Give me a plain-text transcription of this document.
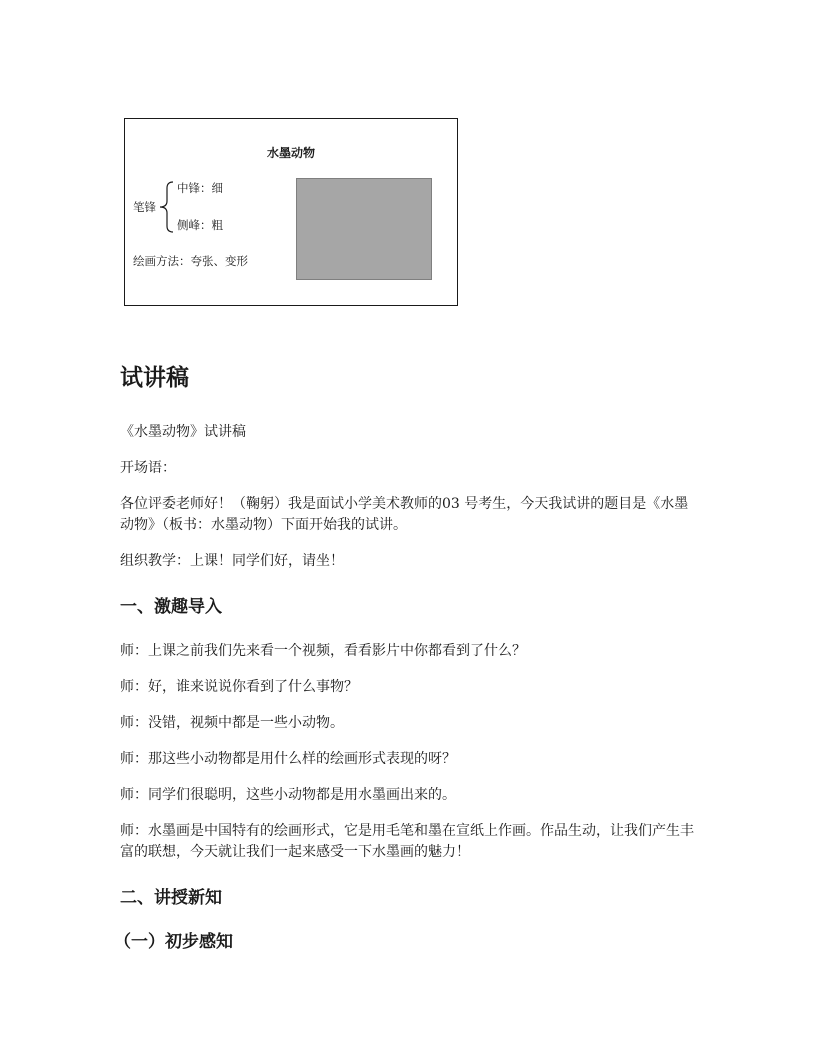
水墨动物
笔锋
中锋：细
侧峰：粗
绘画方法：夸张、变形
试讲稿

《水墨动物》试讲稿

开场语：

各位评委老师好！（鞠躬）我是面试小学美术教师的03 号考生，今天我试讲的题目是《水墨动物》（板书：水墨动物）下面开始我的试讲。

组织教学：上课！同学们好，请坐！

一、激趣导入

师：上课之前我们先来看一个视频，看看影片中你都看到了什么？

师：好，谁来说说你看到了什么事物？

师：没错，视频中都是一些小动物。

师：那这些小动物都是用什么样的绘画形式表现的呀？

师：同学们很聪明，这些小动物都是用水墨画出来的。

师：水墨画是中国特有的绘画形式，它是用毛笔和墨在宣纸上作画。作品生动，让我们产生丰富的联想，今天就让我们一起来感受一下水墨画的魅力！

二、讲授新知
（一）初步感知
